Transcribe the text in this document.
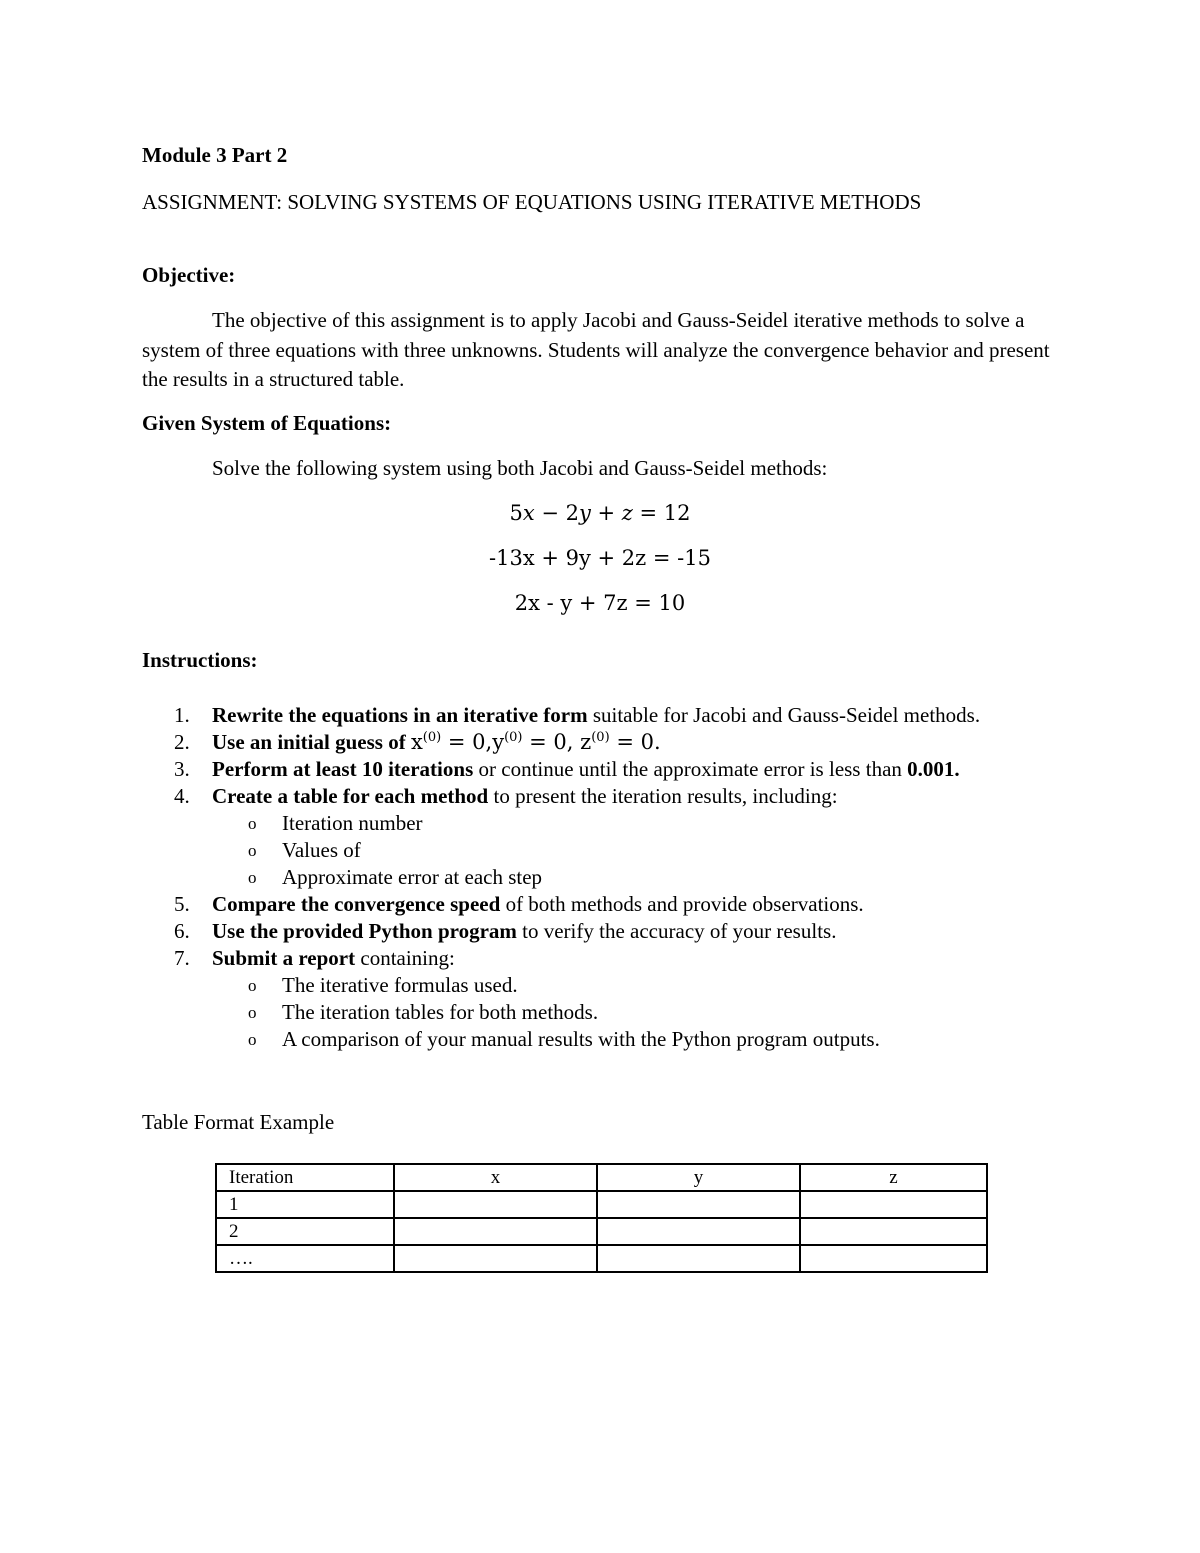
Module 3 Part 2
ASSIGNMENT: SOLVING SYSTEMS OF EQUATIONS USING ITERATIVE METHODS
Objective:
The objective of this assignment is to apply Jacobi and Gauss-Seidel iterative methods to solve a system of three equations with three unknowns. Students will analyze the convergence behavior and present the results in a structured table.
Given System of Equations:
Solve the following system using both Jacobi and Gauss-Seidel methods:
5𝑥 − 2𝑦 + 𝑧 = 12
-13x + 9y + 2z = -15
2x - y + 7z = 10
Instructions:
1. Rewrite the equations in an iterative form suitable for Jacobi and Gauss-Seidel methods.
2. Use an initial guess of $x^{(0)} = 0,y^{(0)} = 0$, $z^{(0)} = 0$.
3. Perform at least 10 iterations or continue until the approximate error is less than 0.001.
4. Create a table for each method to present the iteration results, including:
o Iteration number
o Values of
o Approximate error at each step
5. Compare the convergence speed of both methods and provide observations.
6. Use the provided Python program to verify the accuracy of your results.
7. Submit a report containing:
o The iterative formulas used.
o The iteration tables for both methods.
o A comparison of your manual results with the Python program outputs.
Table Format Example
Iteration	x	y	z
1			
2			
….			
